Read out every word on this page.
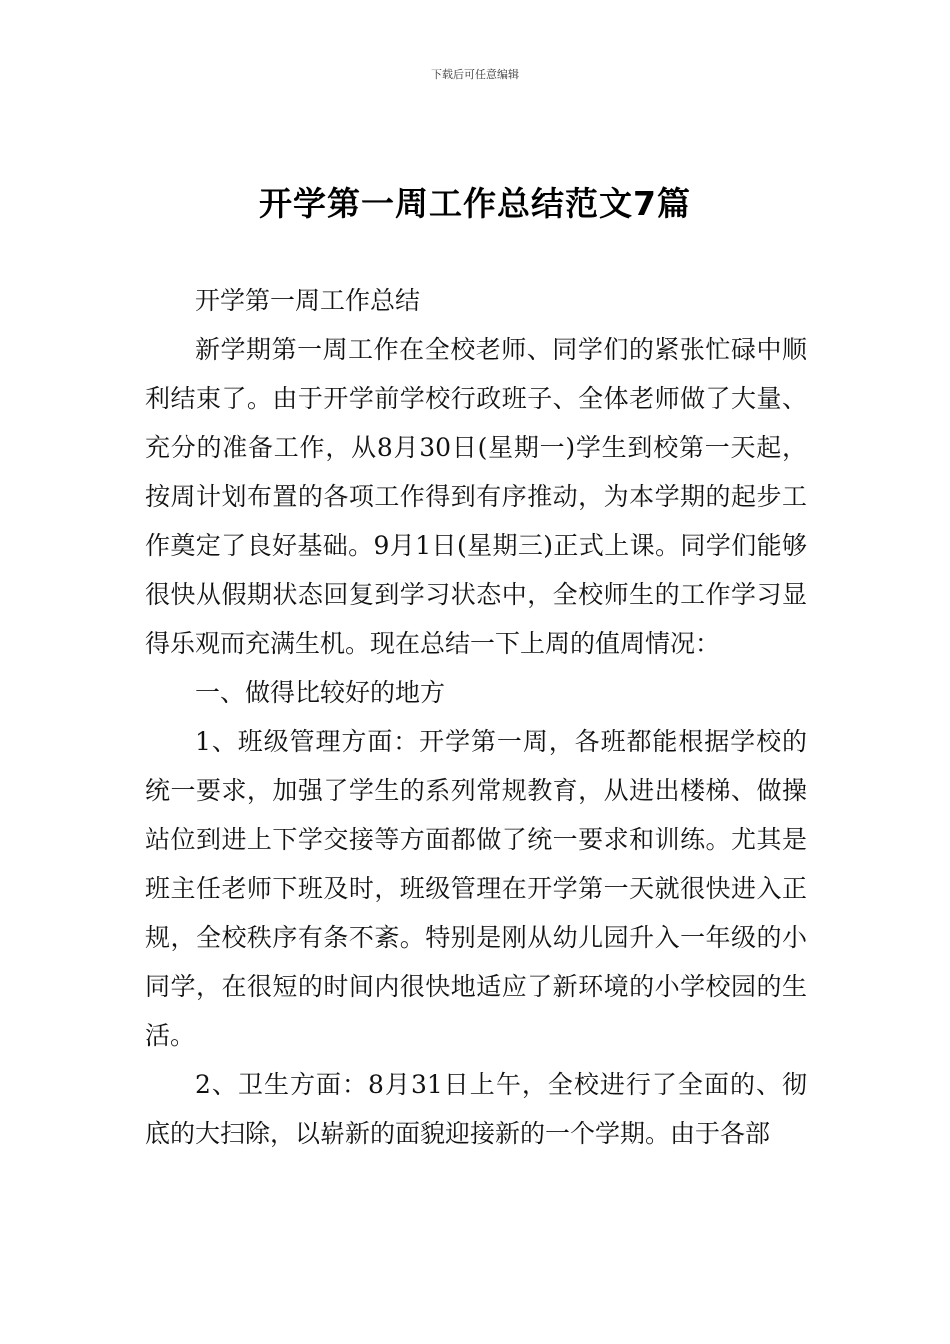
下载后可任意编辑
开学第一周工作总结范文7篇

开学第一周工作总结

新学期第一周工作在全校老师、同学们的紧张忙碌中顺利结束了。由于开学前学校行政班子、全体老师做了大量、充分的准备工作，从8月30日(星期一)学生到校第一天起，按周计划布置的各项工作得到有序推动，为本学期的起步工作奠定了良好基础。9月1日(星期三)正式上课。同学们能够很快从假期状态回复到学习状态中，全校师生的工作学习显得乐观而充满生机。现在总结一下上周的值周情况：

一、做得比较好的地方

1、班级管理方面：开学第一周，各班都能根据学校的统一要求，加强了学生的系列常规教育，从进出楼梯、做操站位到进上下学交接等方面都做了统一要求和训练。尤其是班主任老师下班及时，班级管理在开学第一天就很快进入正规，全校秩序有条不紊。特别是刚从幼儿园升入一年级的小同学，在很短的时间内很快地适应了新环境的小学校园的生活。

2、卫生方面：8月31日上午，全校进行了全面的、彻底的大扫除，以崭新的面貌迎接新的一个学期。由于各部
